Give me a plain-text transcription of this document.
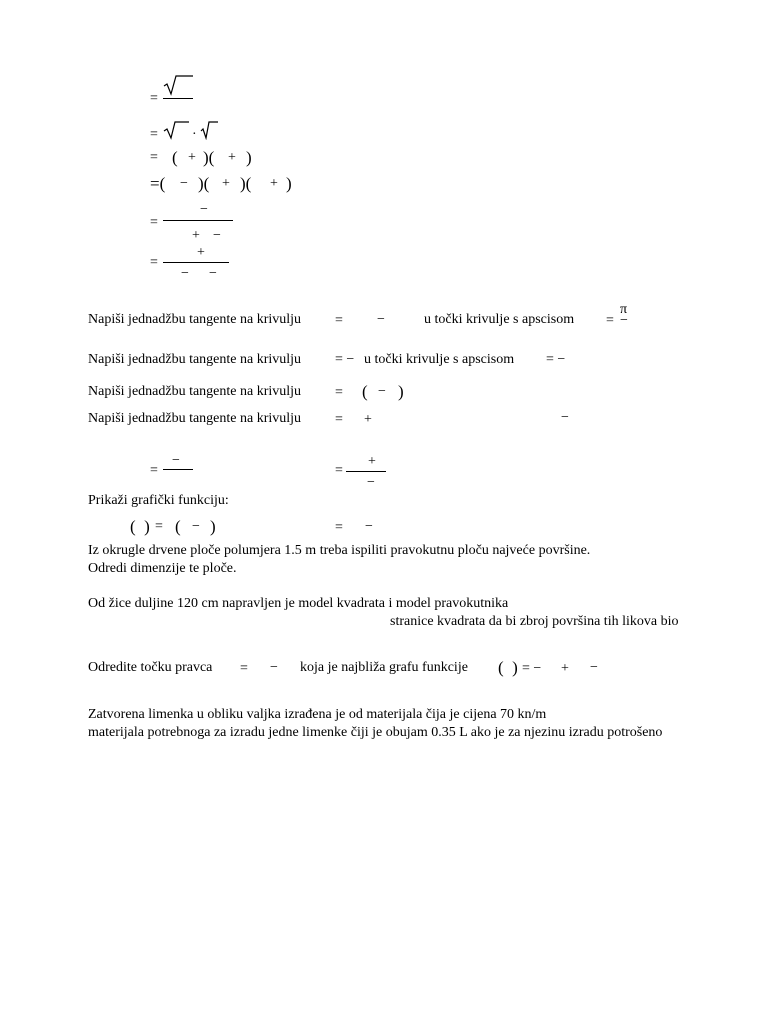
=
= ·
= ( + )( + )
=( − )( + )( + )
=
−
+ −
=
+
− −
Napiši jednadžbu tangente na krivulju = −	u točki krivulje s apscisom =
π
−
Napiši jednadžbu tangente na krivulju = − u točki krivulje s apscisom = −
Napiši jednadžbu tangente na krivulju = ( − )
Napiši jednadžbu tangente na krivulju = +	−
=
−
=
+
−
Prikaži grafički funkciju:
(  ) = ( − )	= −
Iz okrugle drvene ploče polumjera 1.5 m treba ispiliti pravokutnu ploču najveće površine.
Odredi dimenzije te ploče.
Od žice duljine 120 cm napravljen je model kvadrata i model pravokutnika
stranice kvadrata da bi zbroj površina tih likova bio
Odredite točku pravca = − koja je najbliža grafu funkcije (  ) = − + −
Zatvorena limenka u obliku valjka izrađena je od materijala čija je cijena 70 kn/m
materijala potrebnoga za izradu jedne limenke čiji je obujam 0.35 L ako je za njezinu izradu potrošeno
